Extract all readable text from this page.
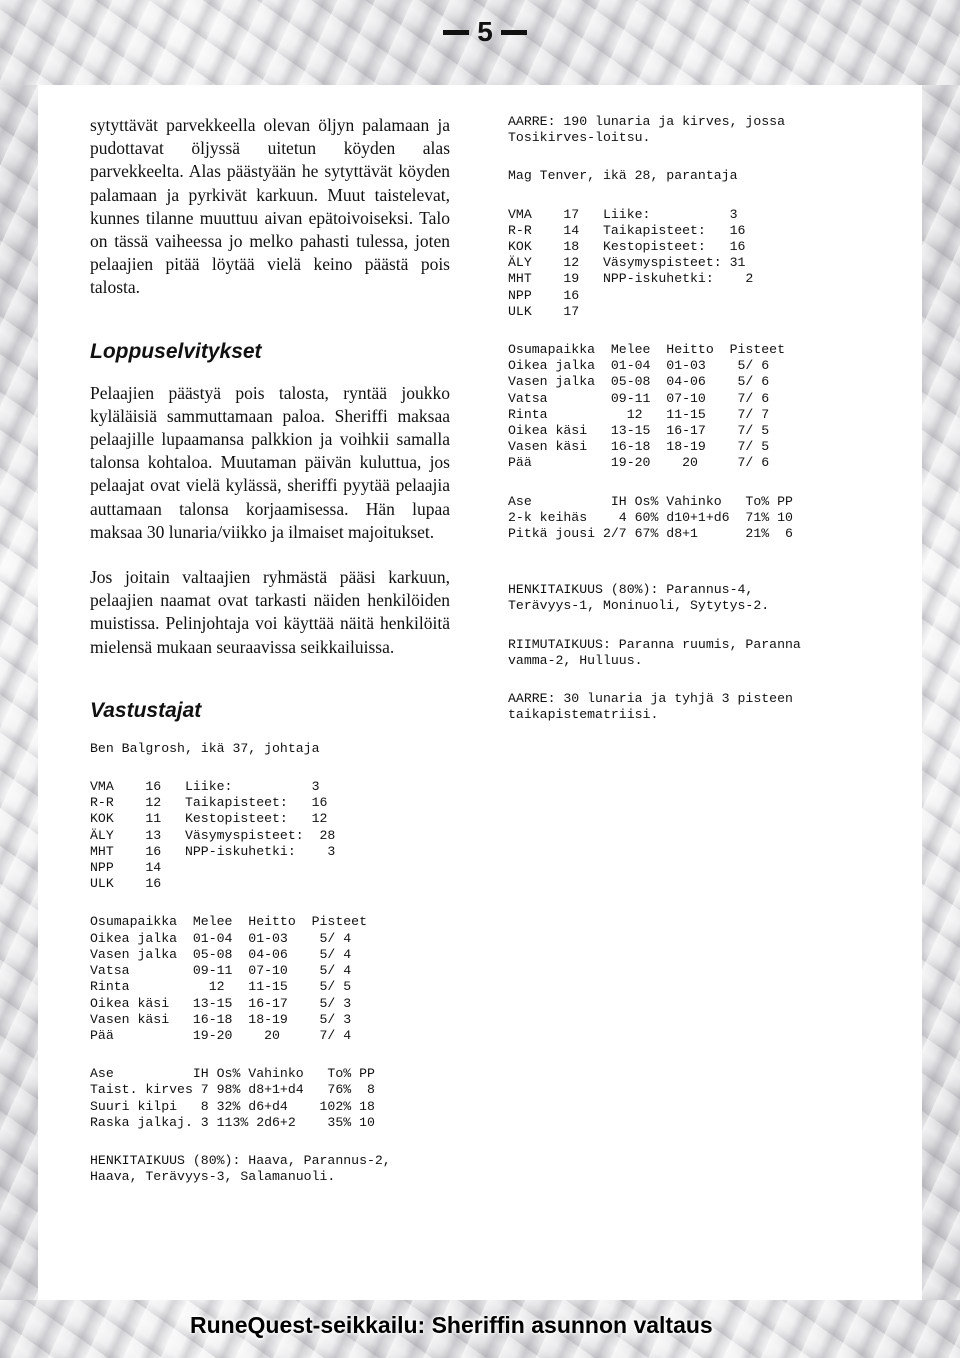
5

sytyttävät parvekkeella olevan öljyn palamaan ja pudottavat öljyssä uitetun köyden alas parvekkeelta. Alas päästyään he sytyttävät köyden palamaan ja pyrkivät karkuun. Muut taistelevat, kunnes tilanne muuttuu aivan epätoivoiseksi. Talo on tässä vaiheessa jo melko pahasti tulessa, joten pelaajien pitää löytää vielä keino päästä pois talosta.

Loppuselvitykset

Pelaajien päästyä pois talosta, ryntää joukko kyläläisiä sammuttamaan paloa. Sheriffi maksaa pelaajille lupaamansa palkkion ja voihkii samalla talonsa kohtaloa. Muutaman päivän kuluttua, jos pelaajat ovat vielä kylässä, sheriffi pyytää pelaajia auttamaan talonsa korjaamisessa. Hän lupaa maksaa 30 lunaria/viikko ja ilmaiset majoitukset.

Jos joitain valtaajien ryhmästä pääsi karkuun, pelaajien naamat ovat tarkasti näiden henkilöiden muistissa. Pelinjohtaja voi käyttää näitä henkilöitä mielensä mukaan seuraavissa seikkailuissa.

Vastustajat
Ben Balgrosh, ikä 37, johtaja
VMA    16   Liike:          3
R-R    12   Taikapisteet:   16
KOK    11   Kestopisteet:   12
ÄLY    13   Väsymyspisteet:  28
MHT    16   NPP-iskuhetki:    3
NPP    14
ULK    16
Osumapaikka  Melee  Heitto  Pisteet
Oikea jalka  01-04  01-03    5/ 4
Vasen jalka  05-08  04-06    5/ 4
Vatsa        09-11  07-10    5/ 4
Rinta          12   11-15    5/ 5
Oikea käsi   13-15  16-17    5/ 3
Vasen käsi   16-18  18-19    5/ 3
Pää          19-20    20     7/ 4
Ase          IH Os% Vahinko   To% PP
Taist. kirves 7 98% d8+1+d4   76%  8
Suuri kilpi   8 32% d6+d4    102% 18
Raska jalkaj. 3 113% 2d6+2    35% 10
HENKITAIKUUS (80%): Haava, Parannus-2,
Haava, Terävyys-3, Salamanuoli.
AARRE: 190 lunaria ja kirves, jossa
Tosikirves-loitsu.
Mag Tenver, ikä 28, parantaja
VMA    17   Liike:          3
R-R    14   Taikapisteet:   16
KOK    18   Kestopisteet:   16
ÄLY    12   Väsymyspisteet: 31
MHT    19   NPP-iskuhetki:    2
NPP    16
ULK    17
Osumapaikka  Melee  Heitto  Pisteet
Oikea jalka  01-04  01-03    5/ 6
Vasen jalka  05-08  04-06    5/ 6
Vatsa        09-11  07-10    7/ 6
Rinta          12   11-15    7/ 7
Oikea käsi   13-15  16-17    7/ 5
Vasen käsi   16-18  18-19    7/ 5
Pää          19-20    20     7/ 6
Ase          IH Os% Vahinko   To% PP
2-k keihäs    4 60% d10+1+d6  71% 10
Pitkä jousi 2/7 67% d8+1      21%  6
HENKITAIKUUS (80%): Parannus-4,
Terävyys-1, Moninuoli, Sytytys-2.
RIIMUTAIKUUS: Paranna ruumis, Paranna
vamma-2, Hulluus.
AARRE: 30 lunaria ja tyhjä 3 pisteen
taikapistematriisi.
RuneQuest-seikkailu: Sheriffin asunnon valtaus
